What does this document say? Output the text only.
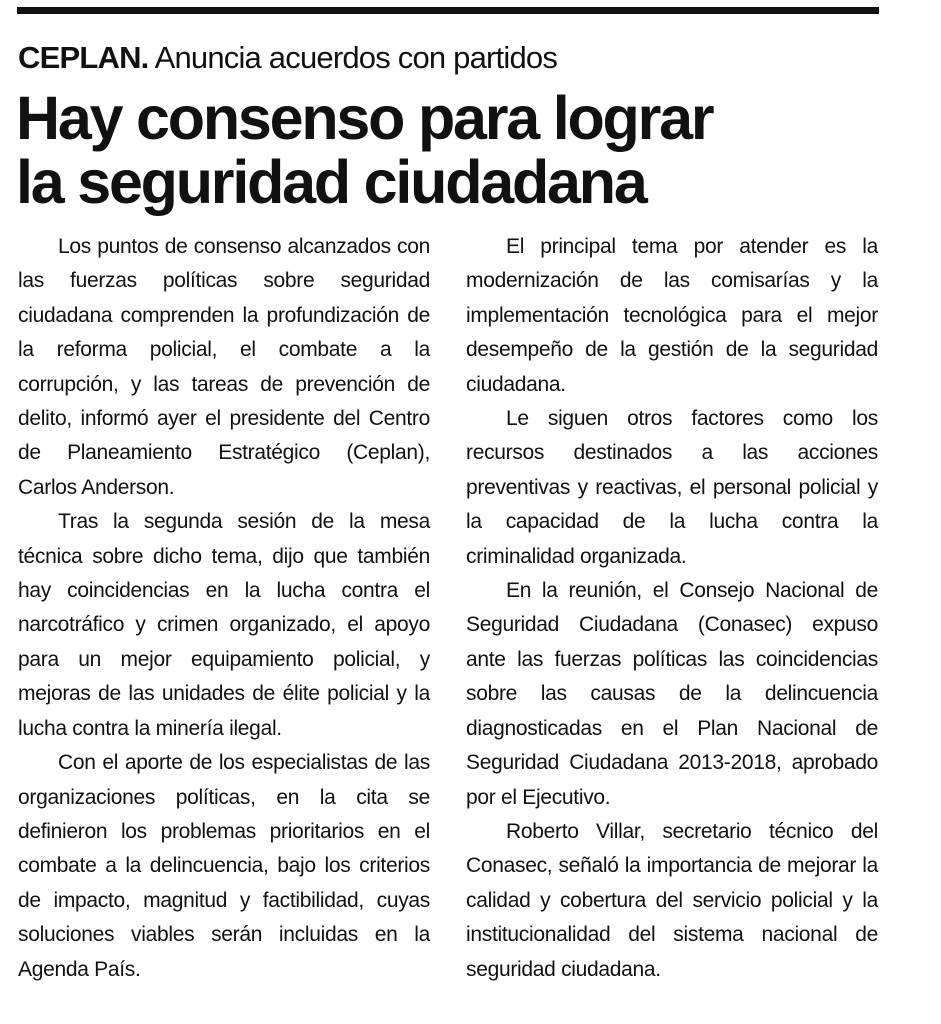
CEPLAN. Anuncia acuerdos con partidos
Hay consenso para lograr
la seguridad ciudadana

Los puntos de consenso alcanzados con las fuerzas políticas sobre seguridad ciudadana comprenden la profundización de la reforma policial, el combate a la corrupción, y las tareas de prevención de delito, informó ayer el presidente del Centro de Planeamiento Estratégico (Ceplan), Carlos Anderson.

Tras la segunda sesión de la mesa técnica sobre dicho tema, dijo que también hay coincidencias en la lucha contra el narcotráfico y crimen organizado, el apoyo para un mejor equipamiento policial, y mejoras de las unidades de élite policial y la lucha contra la minería ilegal.

Con el aporte de los especialistas de las organizaciones políticas, en la cita se definieron los problemas prioritarios en el combate a la delincuencia, bajo los criterios de impacto, magnitud y factibilidad, cuyas soluciones viables serán incluidas en la Agenda País.

El principal tema por atender es la modernización de las comisarías y la implementación tecnológica para el mejor desempeño de la gestión de la seguridad ciudadana.

Le siguen otros factores como los recursos destinados a las acciones preventivas y reactivas, el personal policial y la capacidad de la lucha contra la criminalidad organizada.

En la reunión, el Consejo Nacional de Seguridad Ciudadana (Conasec) expuso ante las fuerzas políticas las coincidencias sobre las causas de la delincuencia diagnosticadas en el Plan Nacional de Seguridad Ciudadana 2013-2018, aprobado por el Ejecutivo.

Roberto Villar, secretario técnico del Conasec, señaló la importancia de mejorar la calidad y cobertura del servicio policial y la institucionalidad del sistema nacional de seguridad ciudadana.
